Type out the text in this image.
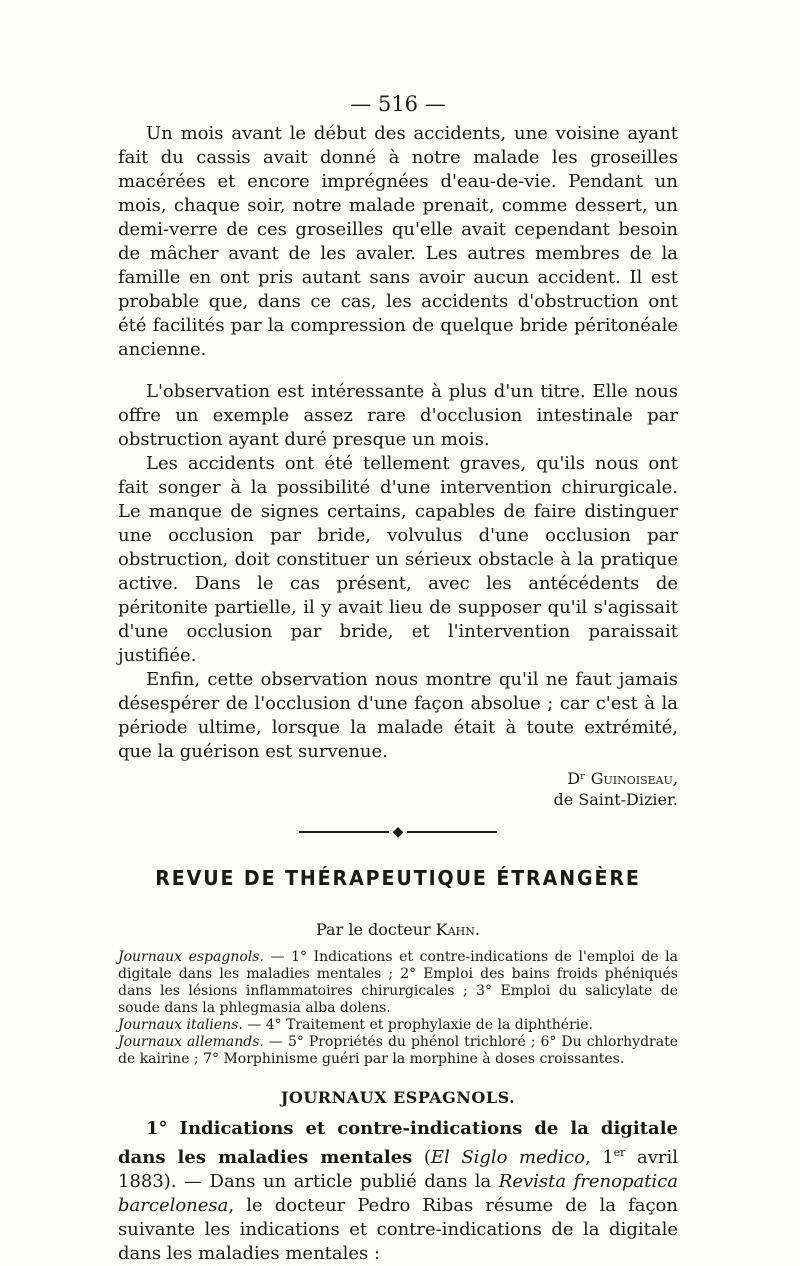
— 516 —

Un mois avant le début des accidents, une voisine ayant fait du cassis avait donné à notre malade les groseilles macérées et encore imprégnées d'eau-de-vie. Pendant un mois, chaque soir, notre malade prenait, comme dessert, un demi-verre de ces groseilles qu'elle avait cependant besoin de mâcher avant de les avaler. Les autres membres de la famille en ont pris autant sans avoir aucun accident. Il est probable que, dans ce cas, les accidents d'obstruction ont été facilités par la compression de quelque bride péritonéale ancienne.

L'observation est intéressante à plus d'un titre. Elle nous offre un exemple assez rare d'occlusion intestinale par obstruction ayant duré presque un mois.

Les accidents ont été tellement graves, qu'ils nous ont fait songer à la possibilité d'une intervention chirurgicale. Le manque de signes certains, capables de faire distinguer une occlusion par bride, volvulus d'une occlusion par obstruction, doit constituer un sérieux obstacle à la pratique active. Dans le cas présent, avec les antécédents de péritonite partielle, il y avait lieu de supposer qu'il s'agissait d'une occlusion par bride, et l'intervention paraissait justifiée.

Enfin, cette observation nous montre qu'il ne faut jamais désespérer de l'occlusion d'une façon absolue ; car c'est à la période ultime, lorsque la malade était à toute extrémité, que la guérison est survenue.

Dʳ Guinoiseau,
de Saint-Dizier.
◆
REVUE DE THÉRAPEUTIQUE ÉTRANGÈRE
Par le docteur Kahn.
Journaux espagnols. — 1° Indications et contre-indications de l'emploi de la digitale dans les maladies mentales ; 2° Emploi des bains froids phéniqués dans les lésions inflammatoires chirurgicales ; 3° Emploi du salicylate de soude dans la phlegmasia alba dolens.
Journaux italiens. — 4° Traitement et prophylaxie de la diphthérie.
Journaux allemands. — 5° Propriétés du phénol trichloré ; 6° Du chlorhydrate de kairine ; 7° Morphinisme guéri par la morphine à doses croissantes.
JOURNAUX ESPAGNOLS.

1° Indications et contre-indications de la digitale dans les maladies mentales (El Siglo medico, 1er avril 1883). — Dans un article publié dans la Revista frenopatica barcelonesa, le docteur Pedro Ribas résume de la façon suivante les indications et contre-indications de la digitale dans les maladies mentales :
